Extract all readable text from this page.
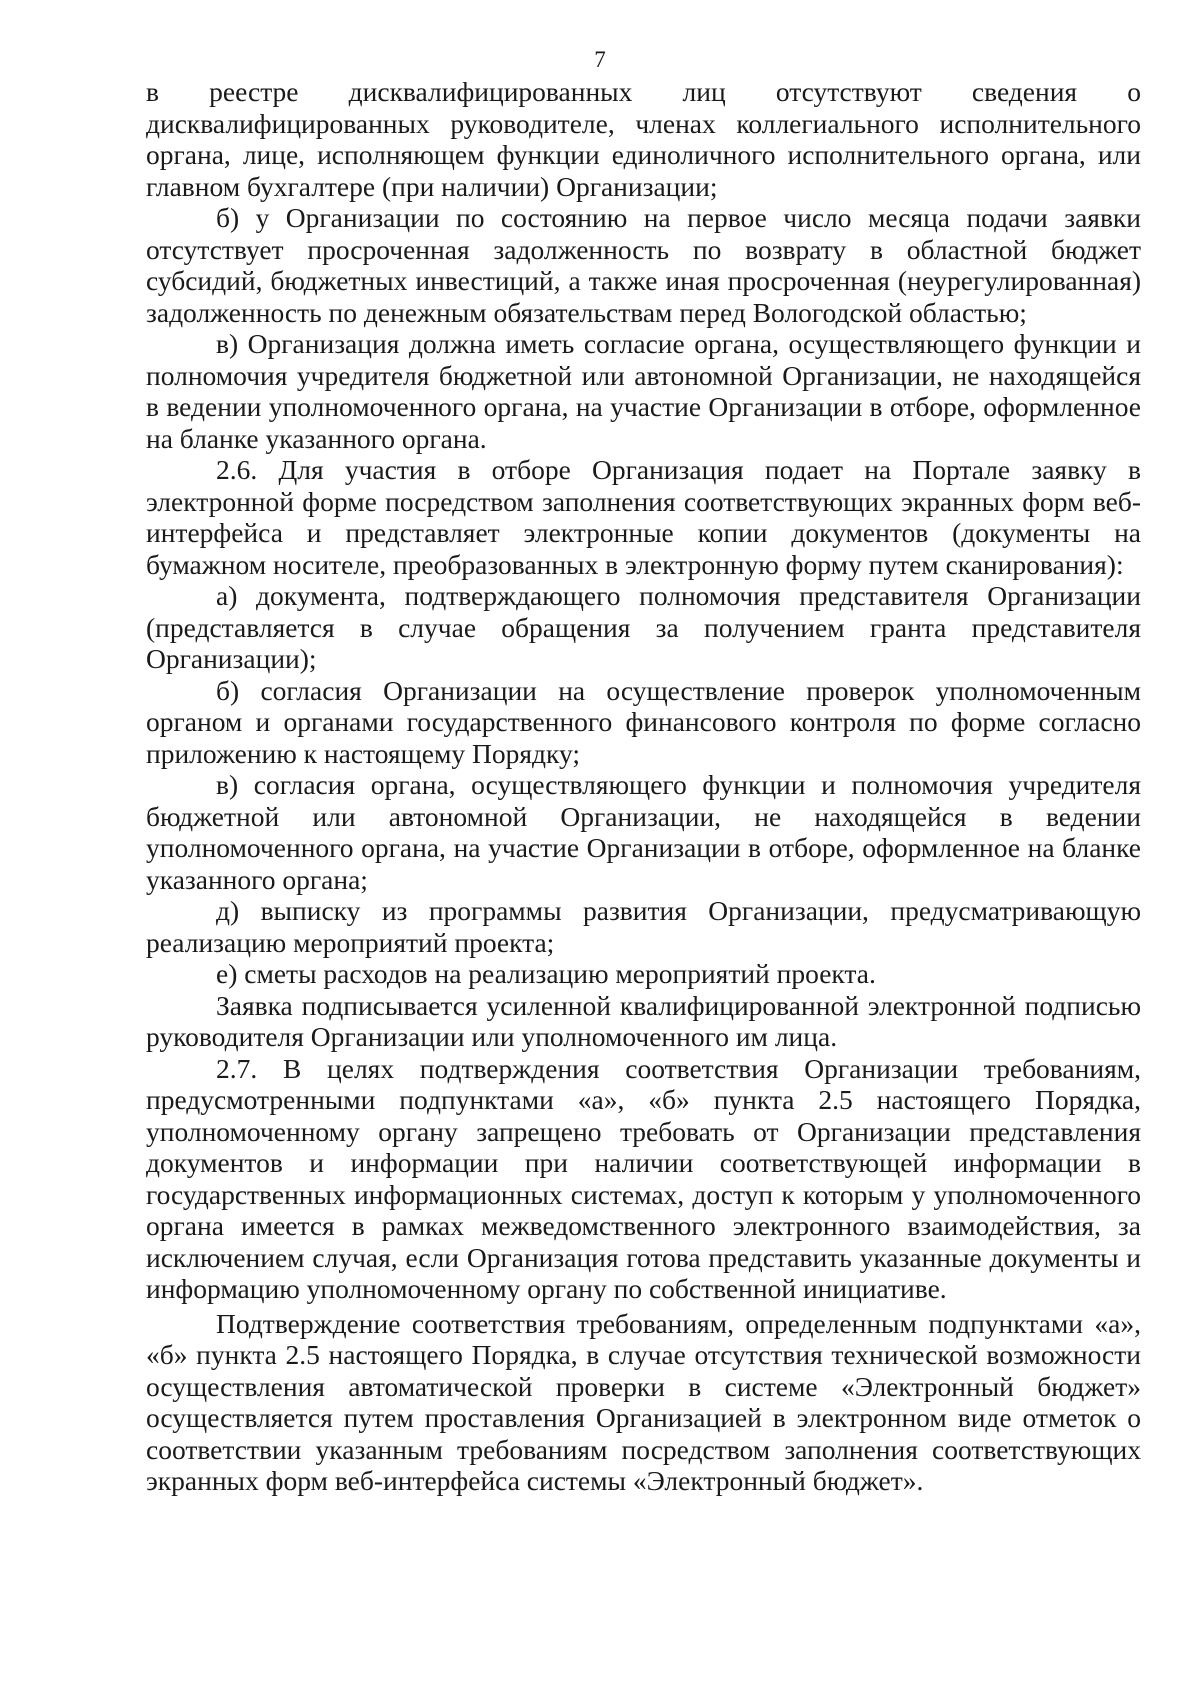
7

в реестре дисквалифицированных лиц отсутствуют сведения о дисквалифицированных руководителе, членах коллегиального исполнительного органа, лице, исполняющем функции единоличного исполнительного органа, или главном бухгалтере (при наличии) Организации;

б) у Организации по состоянию на первое число месяца подачи заявки отсутствует просроченная задолженность по возврату в областной бюджет субсидий, бюджетных инвестиций, а также иная просроченная (неурегулированная) задолженность по денежным обязательствам перед Вологодской областью;

в) Организация должна иметь согласие органа, осуществляющего функции и полномочия учредителя бюджетной или автономной Организации, не находящейся в ведении уполномоченного органа, на участие Организации в отборе, оформленное на бланке указанного органа.

2.6. Для участия в отборе Организация подает на Портале заявку в электронной форме посредством заполнения соответствующих экранных форм веб-интерфейса и представляет электронные копии документов (документы на бумажном носителе, преобразованных в электронную форму путем сканирования):

а) документа, подтверждающего полномочия представителя Организации (представляется в случае обращения за получением гранта представителя Организации);

б) согласия Организации на осуществление проверок уполномоченным органом и органами государственного финансового контроля по форме согласно приложению к настоящему Порядку;

в) согласия органа, осуществляющего функции и полномочия учредителя бюджетной или автономной Организации, не находящейся в ведении уполномоченного органа, на участие Организации в отборе, оформленное на бланке указанного органа;

д) выписку из программы развития Организации, предусматривающую реализацию мероприятий проекта;

е) сметы расходов на реализацию мероприятий проекта.

Заявка подписывается усиленной квалифицированной электронной подписью руководителя Организации или уполномоченного им лица.

2.7. В целях подтверждения соответствия Организации требованиям, предусмотренными подпунктами «а», «б» пункта 2.5 настоящего Порядка, уполномоченному органу запрещено требовать от Организации представления документов и информации при наличии соответствующей информации в государственных информационных системах, доступ к которым у уполномоченного органа имеется в рамках межведомственного электронного взаимодействия, за исключением случая, если Организация готова представить указанные документы и информацию уполномоченному органу по собственной инициативе.

Подтверждение соответствия требованиям, определенным подпунктами «а», «б» пункта 2.5 настоящего Порядка, в случае отсутствия технической возможности осуществления автоматической проверки в системе «Электронный бюджет» осуществляется путем проставления Организацией в электронном виде отметок о соответствии указанным требованиям посредством заполнения соответствующих экранных форм веб-интерфейса системы «Электронный бюджет».
